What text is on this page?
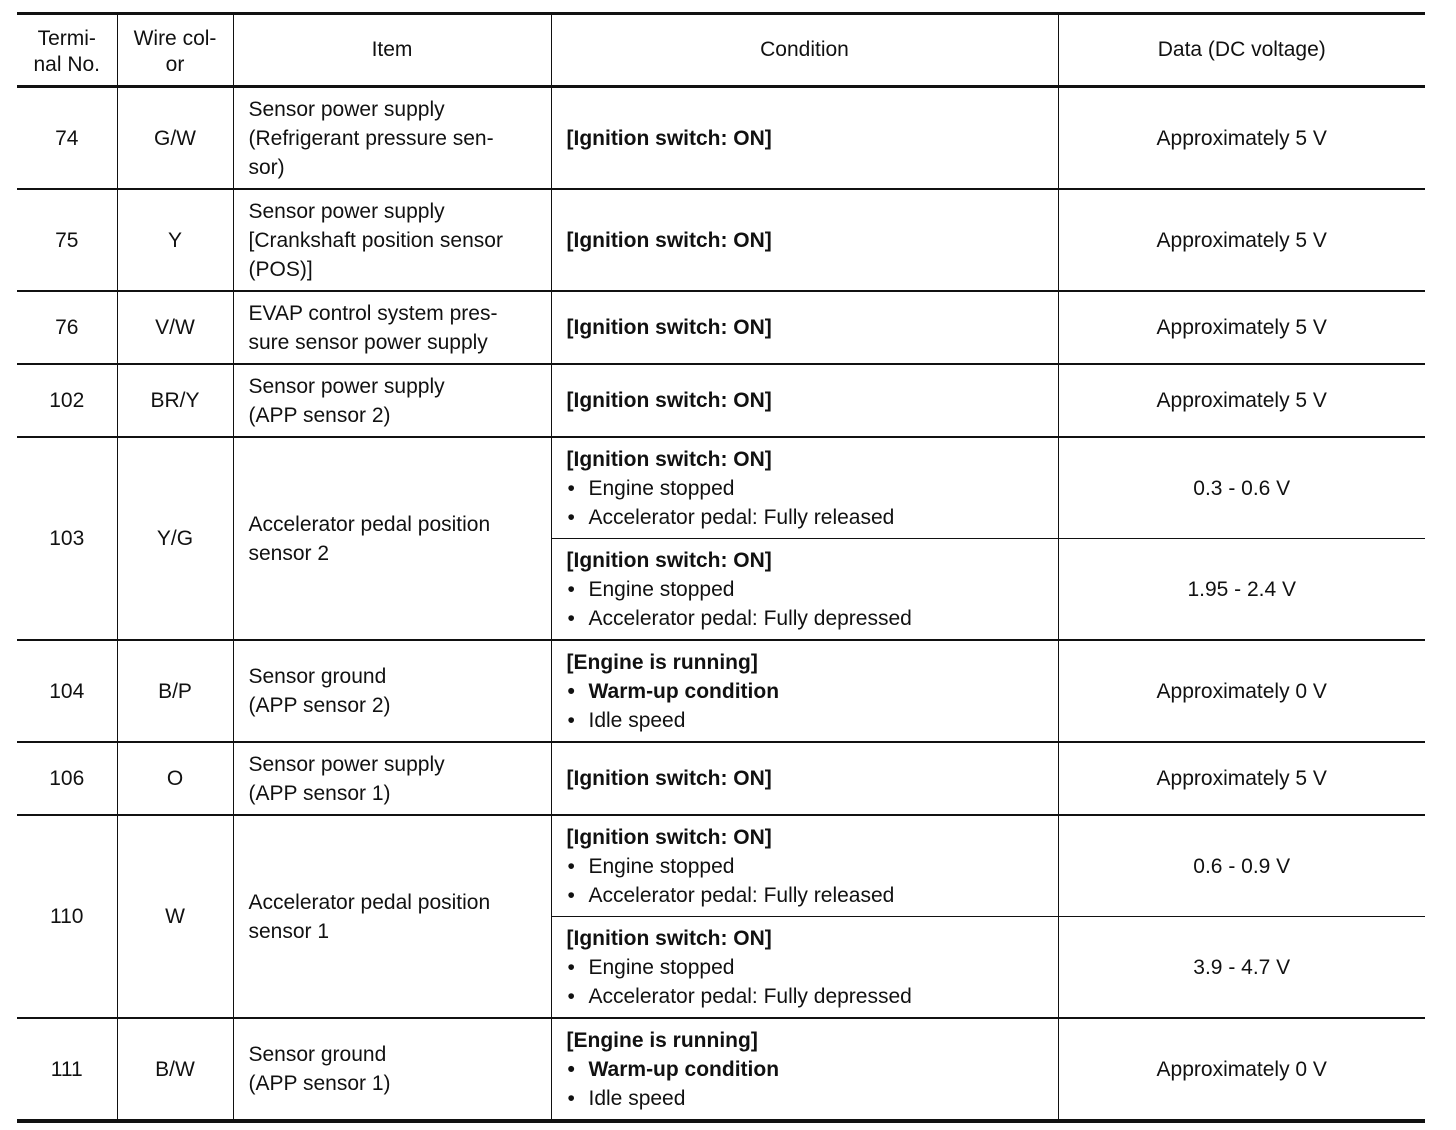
Termi-
nal No.	Wire col-
or	Item	Condition	Data (DC voltage)
74	G/W	Sensor power supply
(Refrigerant pressure sen-
sor)	[Ignition switch: ON]	Approximately 5 V
75	Y	Sensor power supply
[Crankshaft position sensor
(POS)]	[Ignition switch: ON]	Approximately 5 V
76	V/W	EVAP control system pres-
sure sensor power supply	[Ignition switch: ON]	Approximately 5 V
102	BR/Y	Sensor power supply
(APP sensor 2)	[Ignition switch: ON]	Approximately 5 V
103	Y/G	Accelerator pedal position
sensor 2	[Ignition switch: ON]
• Engine stopped
• Accelerator pedal: Fully released	0.3 - 0.6 V

			[Ignition switch: ON]
• Engine stopped
• Accelerator pedal: Fully depressed	1.95 - 2.4 V
104	B/P	Sensor ground
(APP sensor 2)	[Engine is running]
• Warm-up condition
• Idle speed	Approximately 0 V
106	O	Sensor power supply
(APP sensor 1)	[Ignition switch: ON]	Approximately 5 V
110	W	Accelerator pedal position
sensor 1	[Ignition switch: ON]
• Engine stopped
• Accelerator pedal: Fully released	0.6 - 0.9 V

			[Ignition switch: ON]
• Engine stopped
• Accelerator pedal: Fully depressed	3.9 - 4.7 V
111	B/W	Sensor ground
(APP sensor 1)	[Engine is running]
• Warm-up condition
• Idle speed	Approximately 0 V
